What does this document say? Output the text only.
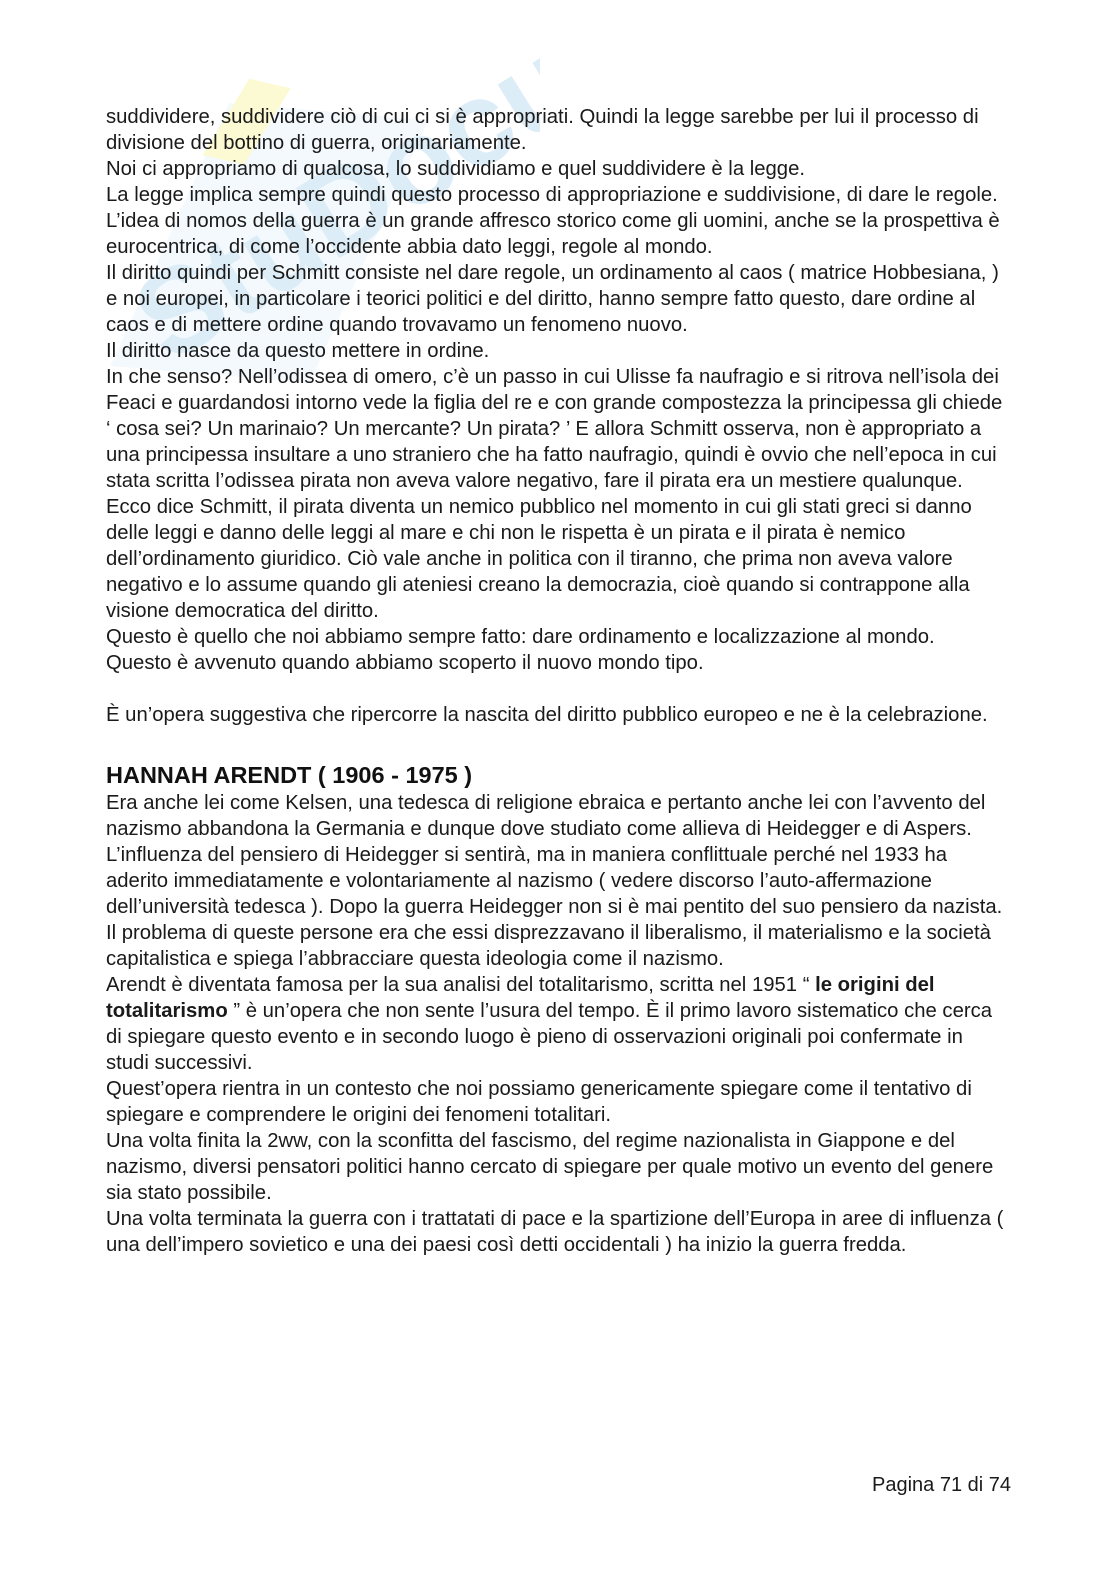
StuDocu

suddividere, suddividere ciò di cui ci si è appropriati. Quindi la legge sarebbe per lui il processo di divisione del bottino di guerra, originariamente.

Noi ci appropriamo di qualcosa, lo suddividiamo e quel suddividere è la legge.

La legge implica sempre quindi questo processo di appropriazione e suddivisione, di dare le regole.

L’idea di nomos della guerra è un grande affresco storico come gli uomini, anche se la prospettiva è eurocentrica, di come l’occidente abbia dato leggi, regole al mondo.

Il diritto quindi per Schmitt consiste nel dare regole, un ordinamento al caos ( matrice Hobbesiana, ) e noi europei, in particolare i teorici politici e del diritto, hanno sempre fatto questo, dare ordine al caos e di mettere ordine quando trovavamo un fenomeno nuovo.

Il diritto nasce da questo mettere in ordine.

In che senso? Nell’odissea di omero, c’è un passo in cui Ulisse fa naufragio e si ritrova nell’isola dei Feaci e guardandosi intorno vede la figlia del re e con grande compostezza la principessa gli chiede ‘ cosa sei? Un marinaio? Un mercante? Un pirata? ’ E allora Schmitt osserva, non è appropriato a una principessa insultare a uno straniero che ha fatto naufragio, quindi è ovvio che nell’epoca in cui stata scritta l’odissea pirata non aveva valore negativo, fare il pirata era un mestiere qualunque. Ecco dice Schmitt, il pirata diventa un nemico pubblico nel momento in cui gli stati greci si danno delle leggi e danno delle leggi al mare e chi non le rispetta è un pirata e il pirata è nemico dell’ordinamento giuridico. Ciò vale anche in politica con il tiranno, che prima non aveva valore negativo e lo assume quando gli ateniesi creano la democrazia, cioè quando si contrappone alla visione democratica del diritto.

Questo è quello che noi abbiamo sempre fatto: dare ordinamento e localizzazione al mondo.

Questo è avvenuto quando abbiamo scoperto il nuovo mondo tipo.

È un’opera suggestiva che ripercorre la nascita del diritto pubblico europeo e ne è la celebrazione.

HANNAH ARENDT ( 1906 - 1975 )

Era anche lei come Kelsen, una tedesca di religione ebraica e pertanto anche lei con l’avvento del nazismo abbandona la Germania e dunque dove studiato come allieva di Heidegger e di Aspers.

L’influenza del pensiero di Heidegger si sentirà, ma in maniera conflittuale perché nel 1933 ha aderito immediatamente e volontariamente al nazismo ( vedere discorso l’auto-affermazione dell’università tedesca ). Dopo la guerra Heidegger non si è mai pentito del suo pensiero da nazista. Il problema di queste persone era che essi disprezzavano il liberalismo, il materialismo e la società capitalistica e spiega l’abbracciare questa ideologia come il nazismo.

Arendt è diventata famosa per la sua analisi del totalitarismo, scritta nel 1951 “ le origini del totalitarismo ” è un’opera che non sente l’usura del tempo. È il primo lavoro sistematico che cerca di spiegare questo evento e in secondo luogo è pieno di osservazioni originali poi confermate in studi successivi.

Quest’opera rientra in un contesto che noi possiamo genericamente spiegare come il tentativo di spiegare e comprendere le origini dei fenomeni totalitari.

Una volta finita la 2ww, con la sconfitta del fascismo, del regime nazionalista in Giappone e del nazismo, diversi pensatori politici hanno cercato di spiegare per quale motivo un evento del genere sia stato possibile.

Una volta terminata la guerra con i trattatati di pace e la spartizione dell’Europa in aree di influenza ( una dell’impero sovietico e una dei paesi così detti occidentali ) ha inizio la guerra fredda.

Pagina 71 di 74
